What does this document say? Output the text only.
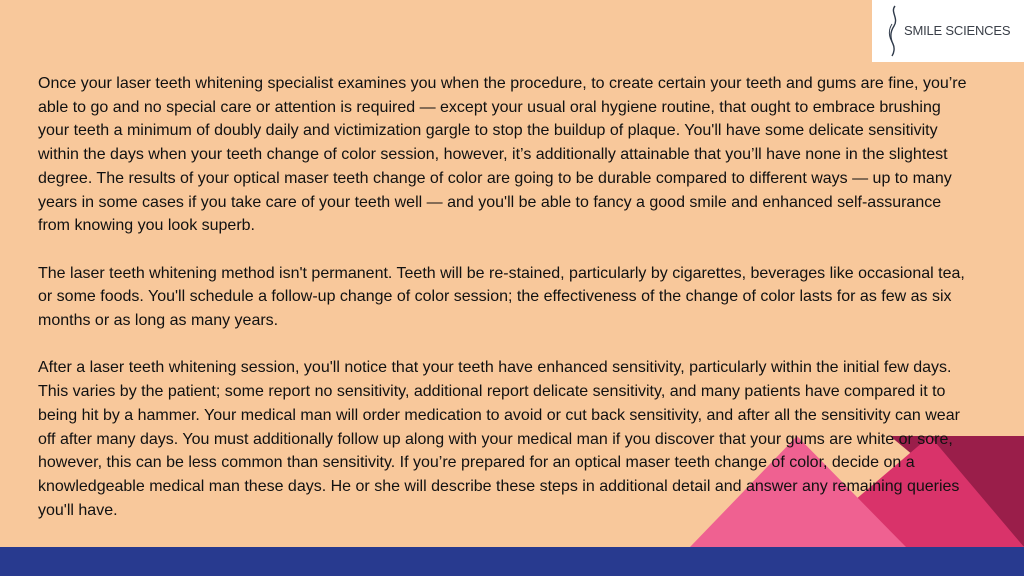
SMILE SCIENCES

Once your laser teeth whitening specialist examines you when the procedure, to create certain your teeth and gums are fine, you’re able to go and no special care or attention is required — except your usual oral hygiene routine, that ought to embrace brushing your teeth a minimum of doubly daily and victimization gargle to stop the buildup of plaque. You'll have some delicate sensitivity within the days when your teeth change of color session, however, it’s additionally attainable that you’ll have none in the slightest degree. The results of your optical maser teeth change of color are going to be durable compared to different ways — up to many years in some cases if you take care of your teeth well — and you'll be able to fancy a good smile and enhanced self-assurance from knowing you look superb.

The laser teeth whitening method isn't permanent. Teeth will be re-stained, particularly by cigarettes, beverages like occasional tea, or some foods. You'll schedule a follow-up change of color session; the effectiveness of the change of color lasts for as few as six months or as long as many years.

After a laser teeth whitening session, you'll notice that your teeth have enhanced sensitivity, particularly within the initial few days. This varies by the patient; some report no sensitivity, additional report delicate sensitivity, and many patients have compared it to being hit by a hammer. Your medical man will order medication to avoid or cut back sensitivity, and after all the sensitivity can wear off after many days. You must additionally follow up along with your medical man if you discover that your gums are white or sore, however, this can be less common than sensitivity. If you’re prepared for an optical maser teeth change of color, decide on a knowledgeable medical man these days. He or she will describe these steps in additional detail and answer any remaining queries you'll have.
